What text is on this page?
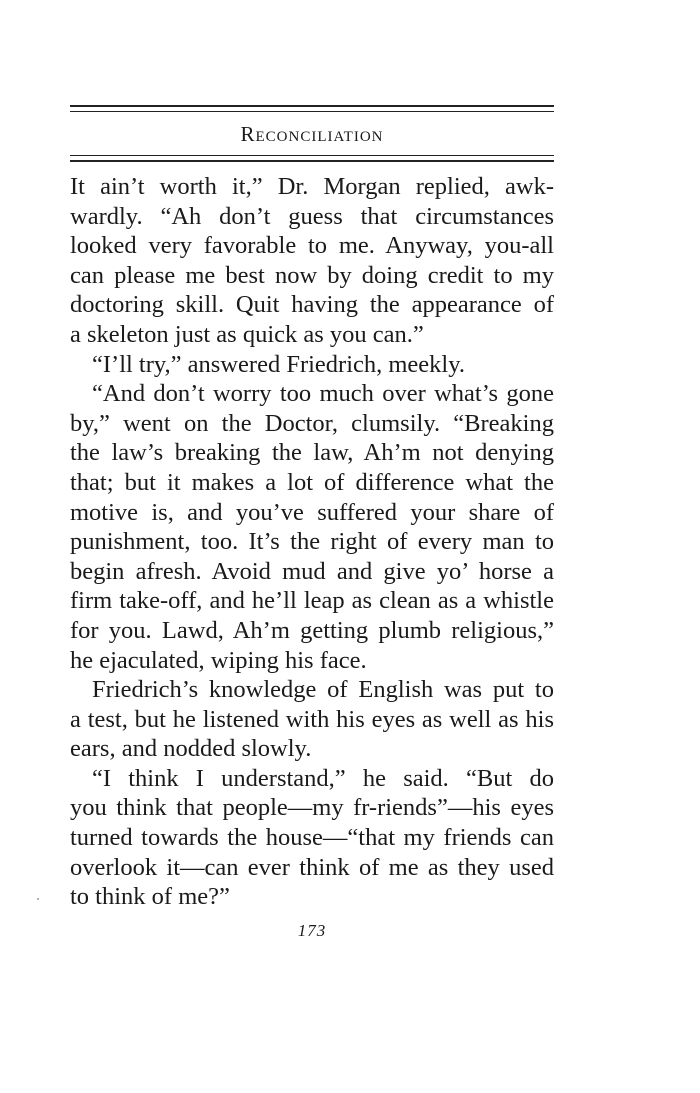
Reconciliation
It ain’t worth it,” Dr. Morgan replied, awk-
wardly. “Ah don’t guess that circumstances
looked very favorable to me. Anyway, you-all
can please me best now by doing credit to my
doctoring skill. Quit having the appearance of
a skeleton just as quick as you can.”
“I’ll try,” answered Friedrich, meekly.
“And don’t worry too much over what’s gone
by,” went on the Doctor, clumsily. “Breaking
the law’s breaking the law, Ah’m not denying
that; but it makes a lot of difference what the
motive is, and you’ve suffered your share of
punishment, too. It’s the right of every man to
begin afresh. Avoid mud and give yo’ horse a
firm take-off, and he’ll leap as clean as a whistle
for you. Lawd, Ah’m getting plumb religious,”
he ejaculated, wiping his face.
Friedrich’s knowledge of English was put to
a test, but he listened with his eyes as well as his
ears, and nodded slowly.
“I think I understand,” he said. “But do
you think that people—my fr-riends”—his eyes
turned towards the house—“that my friends can
overlook it—can ever think of me as they used
to think of me?”
173
